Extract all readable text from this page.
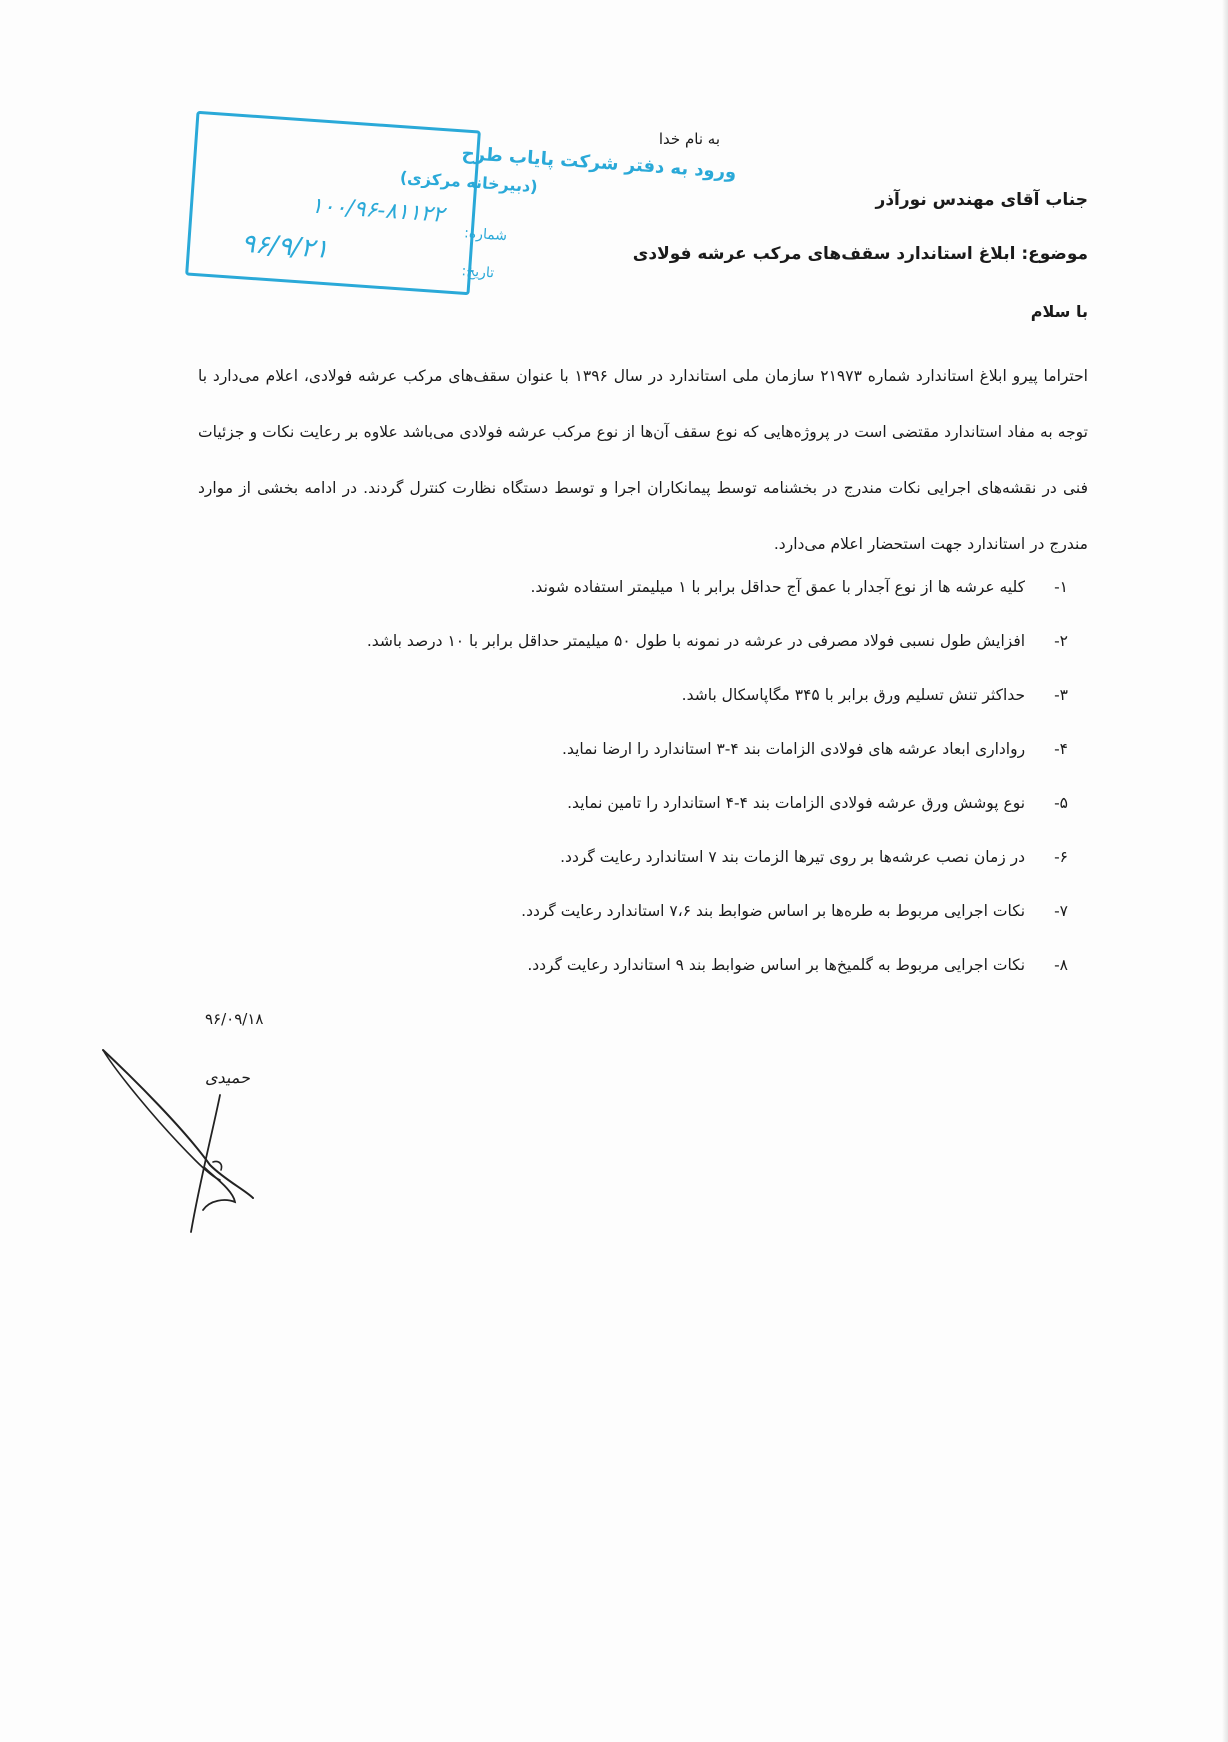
ورود به دفتر شرکت پایاب طرح
(دبیرخانه مرکزی)
شماره:
۱۰۰/۹۶-۸۱۱۲۲
تاریخ:
۹۶/۹/۲۱
به نام خدا
جناب آقای مهندس نورآذر
موضوع: ابلاغ استاندارد سقف‌های مرکب عرشه فولادی
با سلام
احتراما پیرو ابلاغ استاندارد شماره ۲۱۹۷۳ سازمان ملی استاندارد در سال ۱۳۹۶ با عنوان سقف‌های مرکب عرشه فولادی، اعلام می‌دارد با توجه به مفاد استاندارد مقتضی است در پروژه‌هایی که نوع سقف آن‌ها از نوع مرکب عرشه فولادی می‌باشد علاوه بر رعایت نکات و جزئیات فنی در نقشه‌های اجرایی نکات مندرج در بخشنامه توسط پیمانکاران اجرا و توسط دستگاه نظارت کنترل گردند. در ادامه بخشی از موارد مندرج در استاندارد جهت استحضار اعلام می‌دارد.
۱- کلیه عرشه ها از نوع آجدار با عمق آج حداقل برابر با ۱ میلیمتر استفاده شوند.
۲- افزایش طول نسبی فولاد مصرفی در عرشه در نمونه با طول ۵۰ میلیمتر حداقل برابر با ۱۰ درصد باشد.
۳- حداکثر تنش تسلیم ورق برابر با ۳۴۵ مگاپاسکال باشد.
۴- رواداری ابعاد عرشه های فولادی الزامات بند ۴-۳ استاندارد را ارضا نماید.
۵- نوع پوشش ورق عرشه فولادی الزامات بند ۴-۴ استاندارد را تامین نماید.
۶- در زمان نصب عرشه‌ها بر روی تیرها الزمات بند ۷ استاندارد رعایت گردد.
۷- نکات اجرایی مربوط به طره‌ها بر اساس ضوابط بند ۷،۶ استاندارد رعایت گردد.
۸- نکات اجرایی مربوط به گلمیخ‌ها بر اساس ضوابط بند ۹ استاندارد رعایت گردد.
۹۶/۰۹/۱۸
حمیدی
